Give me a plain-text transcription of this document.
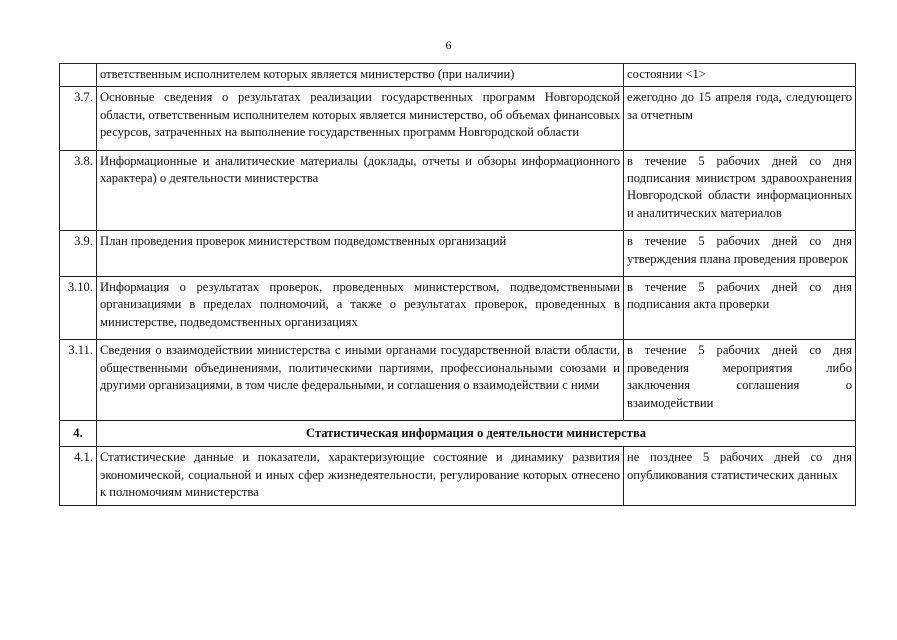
6
	ответственным исполнителем которых является министерство (при наличии)	состоянии <1>
3.7.	Основные сведения о результатах реализации государственных программ Новгородской области, ответственным исполнителем которых является министерство, об объемах финансовых ресурсов, затраченных на выполнение государственных программ Новгородской области	ежегодно до 15 апреля года, следующего за отчетным
3.8.	Информационные и аналитические материалы (доклады, отчеты и обзоры информационного характера) о деятельности министерства	в течение 5 рабочих дней со дня подписания министром здравоохранения Новгородской области информационных и аналитических материалов
3.9.	План проведения проверок министерством подведомственных организаций	в течение 5 рабочих дней со дня утверждения плана проведения проверок
3.10.	Информация о результатах проверок, проведенных министерством, подведомственными организациями в пределах полномочий, а также о результатах проверок, проведенных в министерстве, подведомственных организациях	в течение 5 рабочих дней со дня подписания акта проверки
3.11.	Сведения о взаимодействии министерства с иными органами государственной власти области, общественными объединениями, политическими партиями, профессиональными союзами и другими организациями, в том числе федеральными, и соглашения о взаимодействии с ними	в течение 5 рабочих дней со дня проведения мероприятия либо заключения соглашения о взаимодействии
4.	Статистическая информация о деятельности министерства	
4.1.	Статистические данные и показатели, характеризующие состояние и динамику развития экономической, социальной и иных сфер жизнедеятельности, регулирование которых отнесено к полномочиям министерства	не позднее 5 рабочих дней со дня опубликования статистических данных
